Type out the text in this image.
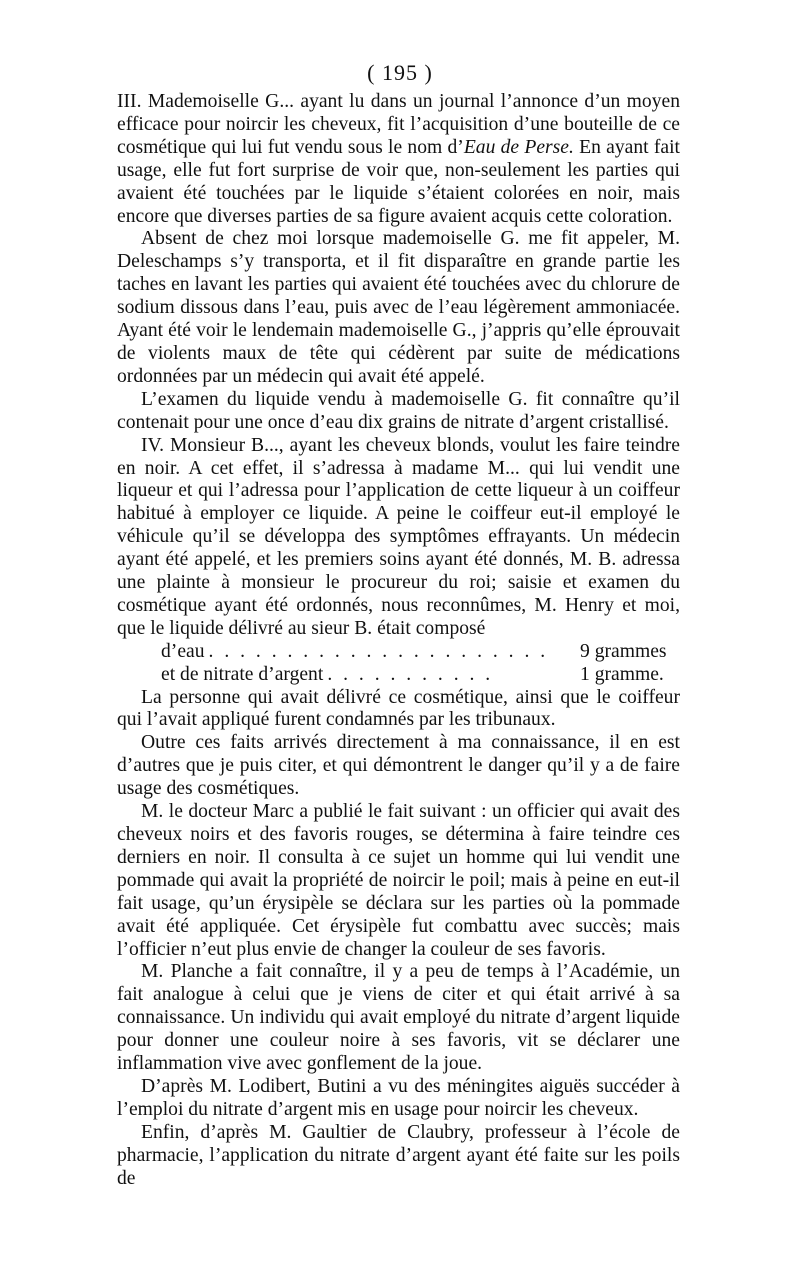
( 195 )

III. Mademoiselle G... ayant lu dans un journal l’annonce d’un moyen efficace pour noircir les cheveux, fit l’acquisition d’une bouteille de ce cosmétique qui lui fut vendu sous le nom d’Eau de Perse. En ayant fait usage, elle fut fort surprise de voir que, non-seulement les parties qui avaient été touchées par le liquide s’étaient colorées en noir, mais encore que diverses parties de sa figure avaient acquis cette coloration.

Absent de chez moi lorsque mademoiselle G. me fit appeler, M. Deleschamps s’y transporta, et il fit disparaître en grande partie les taches en lavant les parties qui avaient été touchées avec du chlorure de sodium dissous dans l’eau, puis avec de l’eau légèrement ammoniacée. Ayant été voir le lendemain mademoiselle G., j’appris qu’elle éprouvait de violents maux de tête qui cédèrent par suite de médications ordonnées par un médecin qui avait été appelé.

L’examen du liquide vendu à mademoiselle G. fit connaître qu’il contenait pour une once d’eau dix grains de nitrate d’argent cristallisé.

IV. Monsieur B..., ayant les cheveux blonds, voulut les faire teindre en noir. A cet effet, il s’adressa à madame M... qui lui vendit une liqueur et qui l’adressa pour l’application de cette liqueur à un coiffeur habitué à employer ce liquide. A peine le coiffeur eut-il employé le véhicule qu’il se développa des symptômes effrayants. Un médecin ayant été appelé, et les premiers soins ayant été donnés, M. B. adressa une plainte à monsieur le procureur du roi; saisie et examen du cosmétique ayant été ordonnés, nous reconnûmes, M. Henry et moi, que le liquide délivré au sieur B. était composé

d’eau . . . . . . . . . . . . . . . . . . . . . .	9 grammes
et de nitrate d’argent . . . . . . . . . . .	1 gramme.

La personne qui avait délivré ce cosmétique, ainsi que le coiffeur qui l’avait appliqué furent condamnés par les tribunaux.

Outre ces faits arrivés directement à ma connaissance, il en est d’autres que je puis citer, et qui démontrent le danger qu’il y a de faire usage des cosmétiques.

M. le docteur Marc a publié le fait suivant : un officier qui avait des cheveux noirs et des favoris rouges, se détermina à faire teindre ces derniers en noir. Il consulta à ce sujet un homme qui lui vendit une pommade qui avait la propriété de noircir le poil; mais à peine en eut-il fait usage, qu’un érysipèle se déclara sur les parties où la pommade avait été appliquée. Cet érysipèle fut combattu avec succès; mais l’officier n’eut plus envie de changer la couleur de ses favoris.

M. Planche a fait connaître, il y a peu de temps à l’Académie, un fait analogue à celui que je viens de citer et qui était arrivé à sa connaissance. Un individu qui avait employé du nitrate d’argent liquide pour donner une couleur noire à ses favoris, vit se déclarer une inflammation vive avec gonflement de la joue.

D’après M. Lodibert, Butini a vu des méningites aiguës succéder à l’emploi du nitrate d’argent mis en usage pour noircir les cheveux.

Enfin, d’après M. Gaultier de Claubry, professeur à l’école de pharmacie, l’application du nitrate d’argent ayant été faite sur les poils de
